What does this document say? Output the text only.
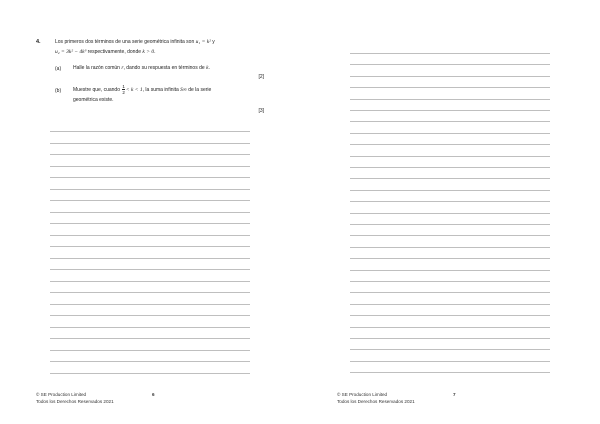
4.	Los primeros dos términos de una serie geométrica infinita son u₁ = k² y
u₂ = 3k² − 4k³ respectivamente, donde k > 0.
(a) Halle la razón común r, dando su respuesta en términos de k.
[2]
(b) Muestre que, cuando $\frac{1}{2} < k < 1$, la suma infinita S∞ de la serie
geométrica existe.
[3]
© SE Production Limited
Todos los Derechos Reservados 2021
6	© SE Production Limited
Todos los Derechos Reservados 2021
7
